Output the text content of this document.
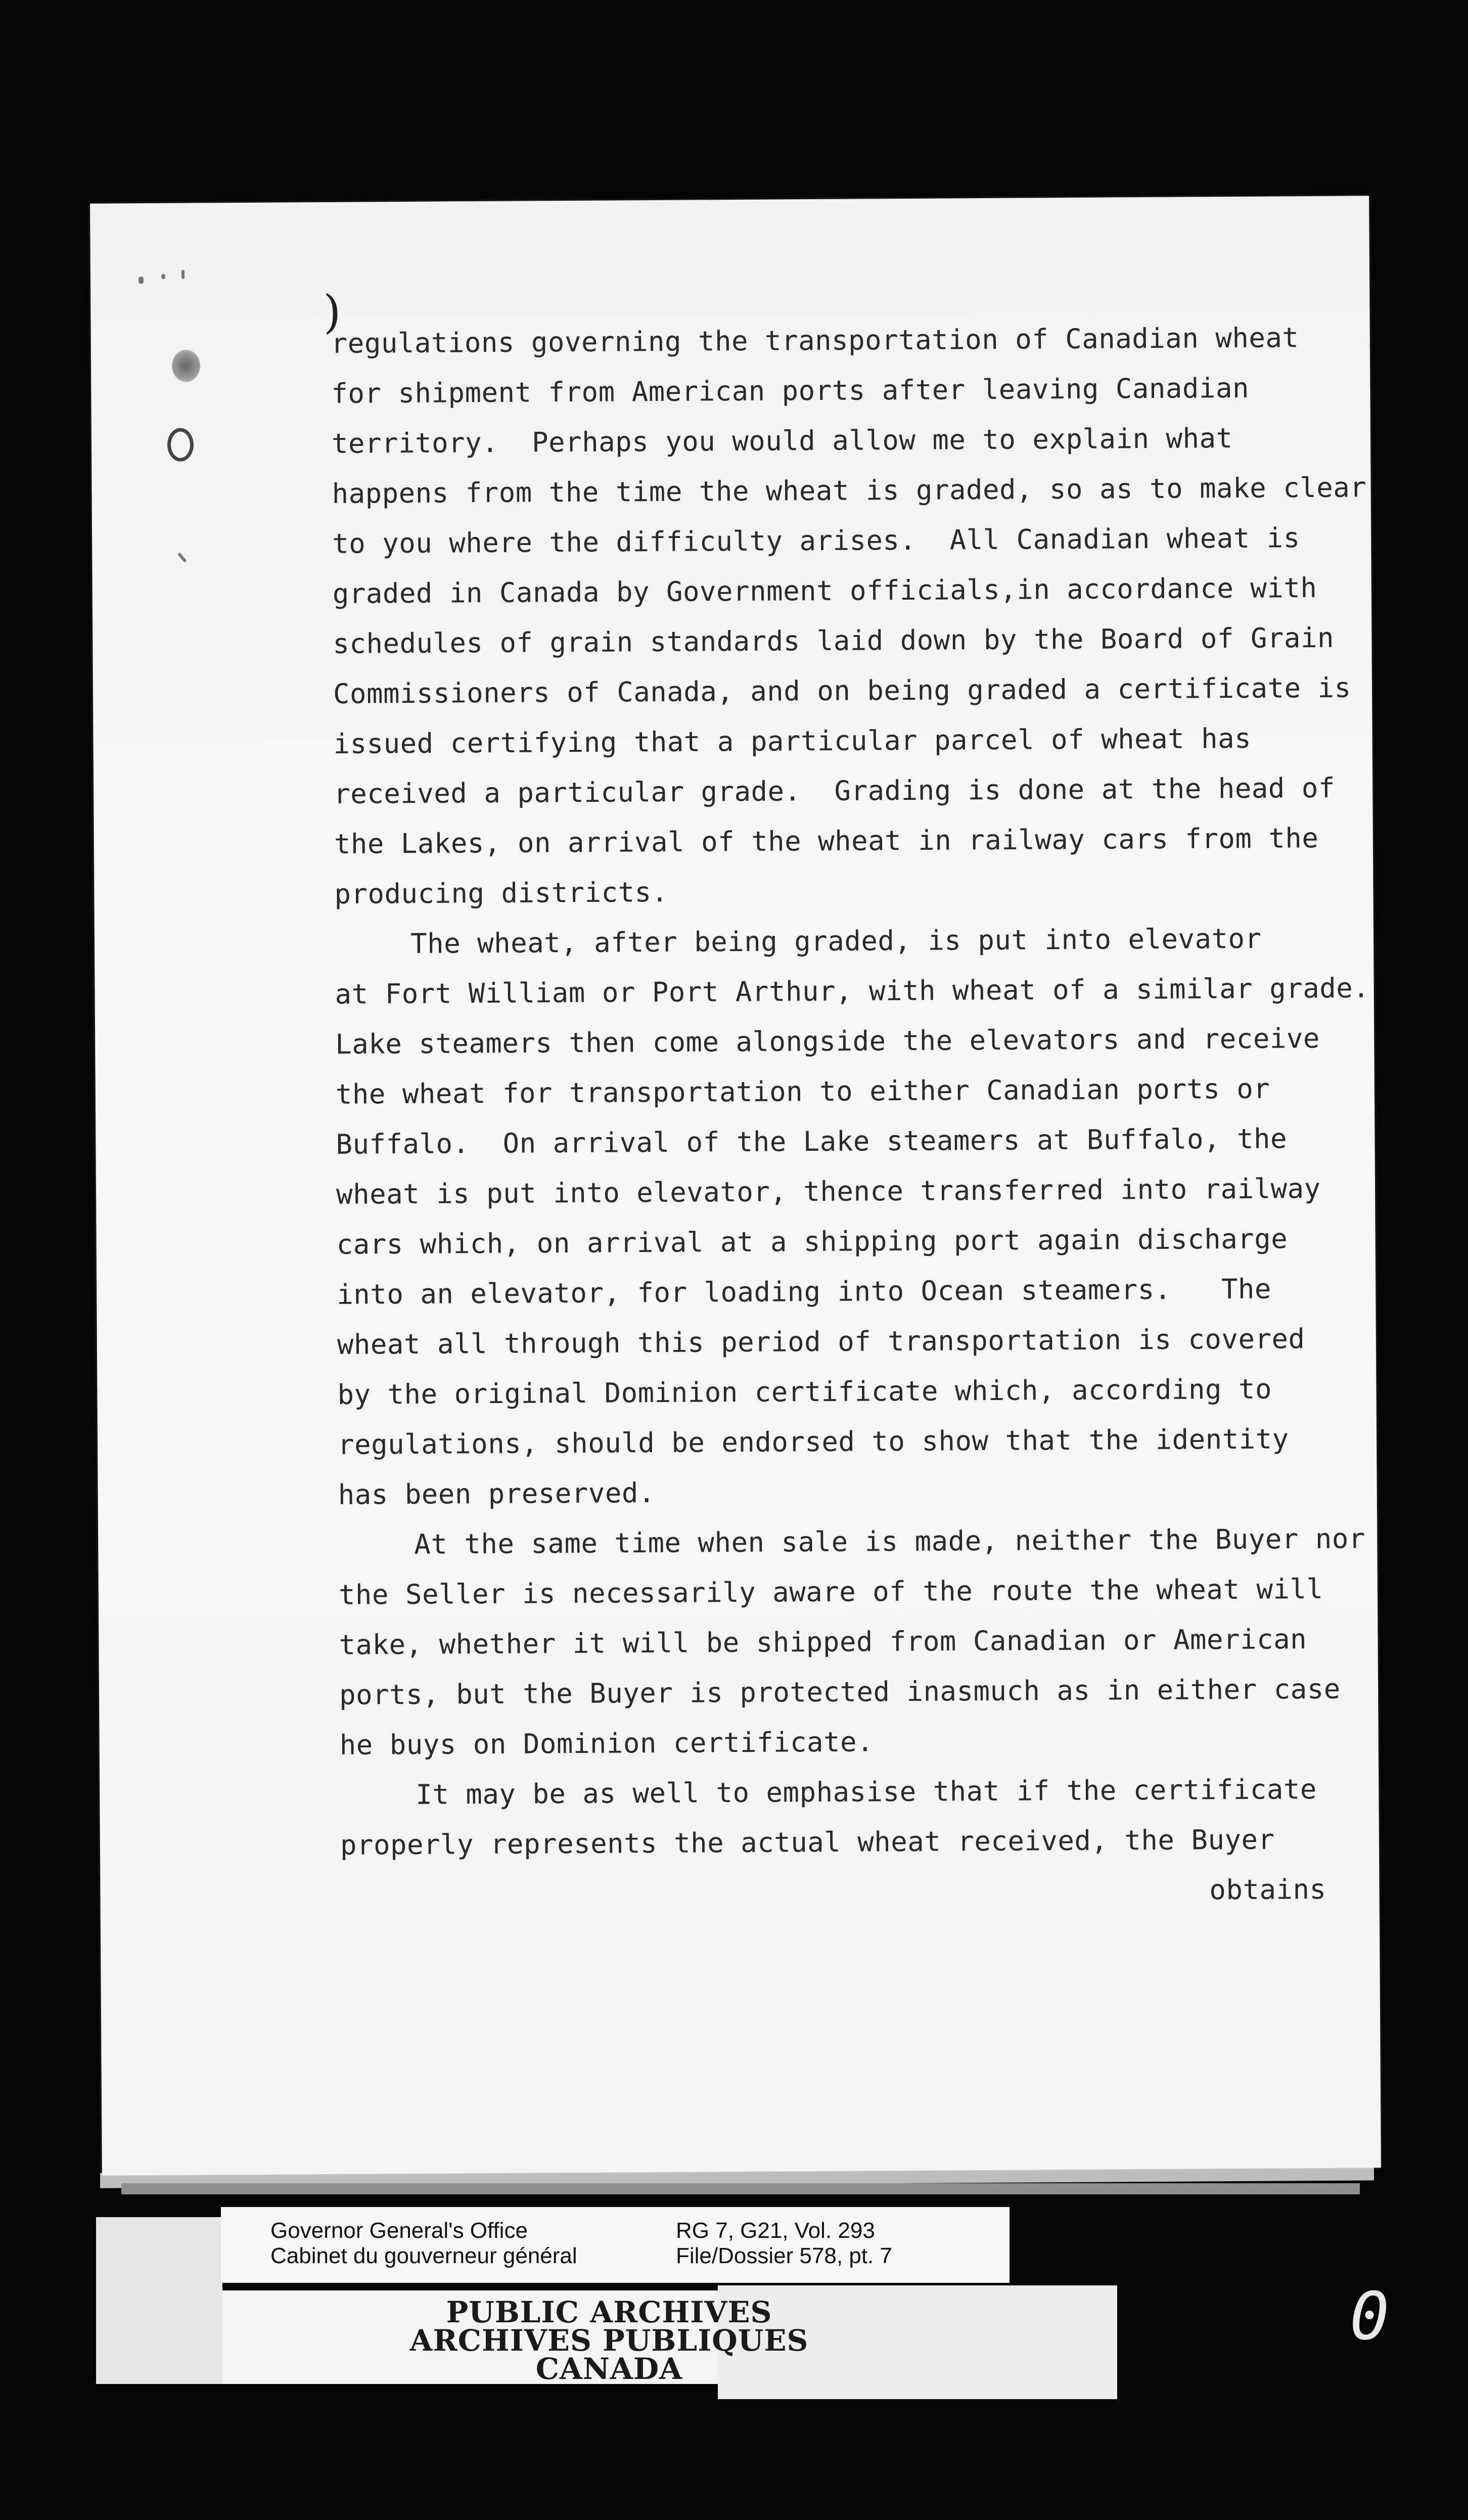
)
regulations governing the transportation of Canadian wheat
for shipment from American ports after leaving Canadian
territory.  Perhaps you would allow me to explain what
happens from the time the wheat is graded, so as to make clear
to you where the difficulty arises.  All Canadian wheat is
graded in Canada by Government officials,in accordance with
schedules of grain standards laid down by the Board of Grain
Commissioners of Canada, and on being graded a certificate is
issued certifying that a particular parcel of wheat has
received a particular grade.  Grading is done at the head of
the Lakes, on arrival of the wheat in railway cars from the
producing districts.
The wheat, after being graded, is put into elevator
at Fort William or Port Arthur, with wheat of a similar grade.
Lake steamers then come alongside the elevators and receive
the wheat for transportation to either Canadian ports or
Buffalo.  On arrival of the Lake steamers at Buffalo, the
wheat is put into elevator, thence transferred into railway
cars which, on arrival at a shipping port again discharge
into an elevator, for loading into Ocean steamers.   The
wheat all through this period of transportation is covered
by the original Dominion certificate which, according to
regulations, should be endorsed to show that the identity
has been preserved.
At the same time when sale is made, neither the Buyer nor
the Seller is necessarily aware of the route the wheat will
take, whether it will be shipped from Canadian or American
ports, but the Buyer is protected inasmuch as in either case
he buys on Dominion certificate.
It may be as well to emphasise that if the certificate
properly represents the actual wheat received, the Buyer
obtains
Governor General's Office
Cabinet du gouverneur général
RG 7, G21, Vol. 293
File/Dossier 578, pt. 7
PUBLIC ARCHIVES
ARCHIVES PUBLIQUES
CANADA
0
